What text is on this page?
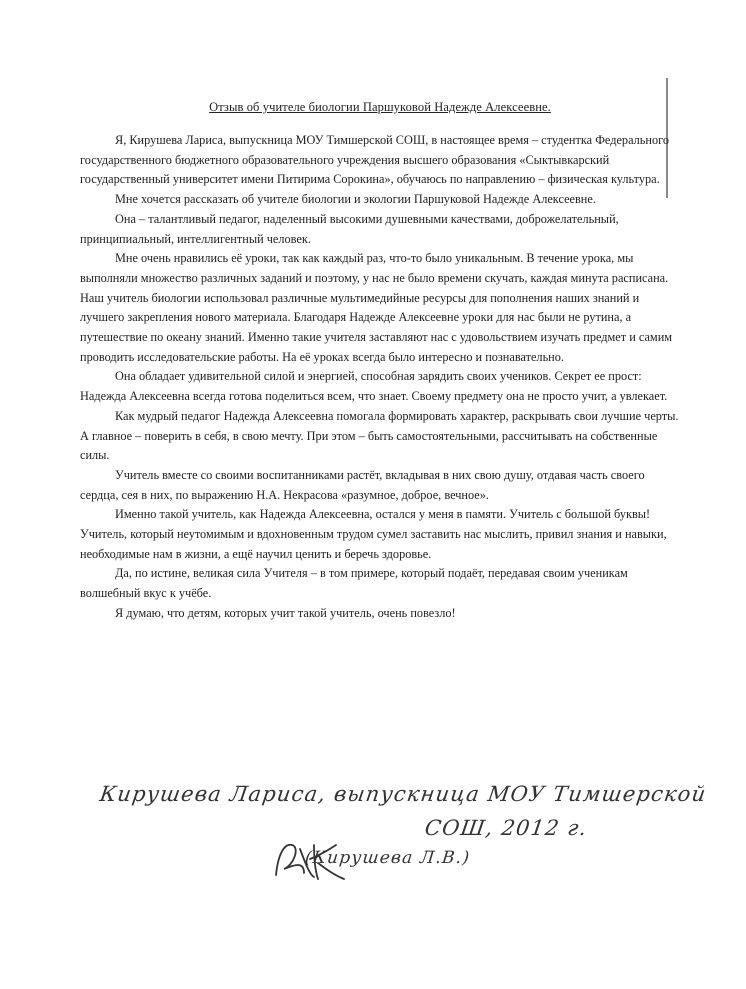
Отзыв об учителе биологии Паршуковой Надежде Алексеевне.

Я, Кирушева Лариса, выпускница МОУ Тимшерской СОШ, в настоящее время – студентка Федерального государственного бюджетного образовательного учреждения высшего образования «Сыктывкарский государственный университет имени Питирима Сорокина», обучаюсь по направлению – физическая культура.

Мне хочется рассказать об учителе биологии и экологии Паршуковой Надежде Алексеевне.

Она – талантливый педагог, наделенный высокими душевными качествами, доброжелательный, принципиальный, интеллигентный человек.

Мне очень нравились её уроки, так как каждый раз, что-то было уникальным. В течение урока, мы выполняли множество различных заданий и поэтому, у нас не было времени скучать, каждая минута расписана. Наш учитель биологии использовал различные мультимедийные ресурсы для пополнения наших знаний и лучшего закрепления нового материала. Благодаря Надежде Алексеевне уроки для нас были не рутина, а путешествие по океану знаний. Именно такие учителя заставляют нас с удовольствием изучать предмет и самим проводить исследовательские работы. На её уроках всегда было интересно и познавательно.

Она обладает удивительной силой и энергией, способная зарядить своих учеников. Секрет ее прост: Надежда Алексеевна всегда готова поделиться всем, что знает. Своему предмету она не просто учит, а увлекает.

Как мудрый педагог Надежда Алексеевна помогала формировать характер, раскрывать свои лучшие черты. А главное – поверить в себя, в свою мечту. При этом – быть самостоятельными, рассчитывать на собственные силы.

Учитель вместе со своими воспитанниками растёт, вкладывая в них свою душу, отдавая часть своего сердца, сея в них, по выражению Н.А. Некрасова «разумное, доброе, вечное».

Именно такой учитель, как Надежда Алексеевна, остался у меня в памяти. Учитель с большой буквы! Учитель, который неутомимым и вдохновенным трудом сумел заставить нас мыслить, привил знания и навыки, необходимые нам в жизни, а ещё научил ценить и беречь здоровье.

Да, по истине, великая сила Учителя – в том примере, который подаёт, передавая своим ученикам волшебный вкус к учёбе.

Я думаю, что детям, которых учит такой учитель, очень повезло!

Кирушева Лариса, выпускница МОУ Тимшерской
СОШ, 2012 г.
(Кирушева Л.В.)
